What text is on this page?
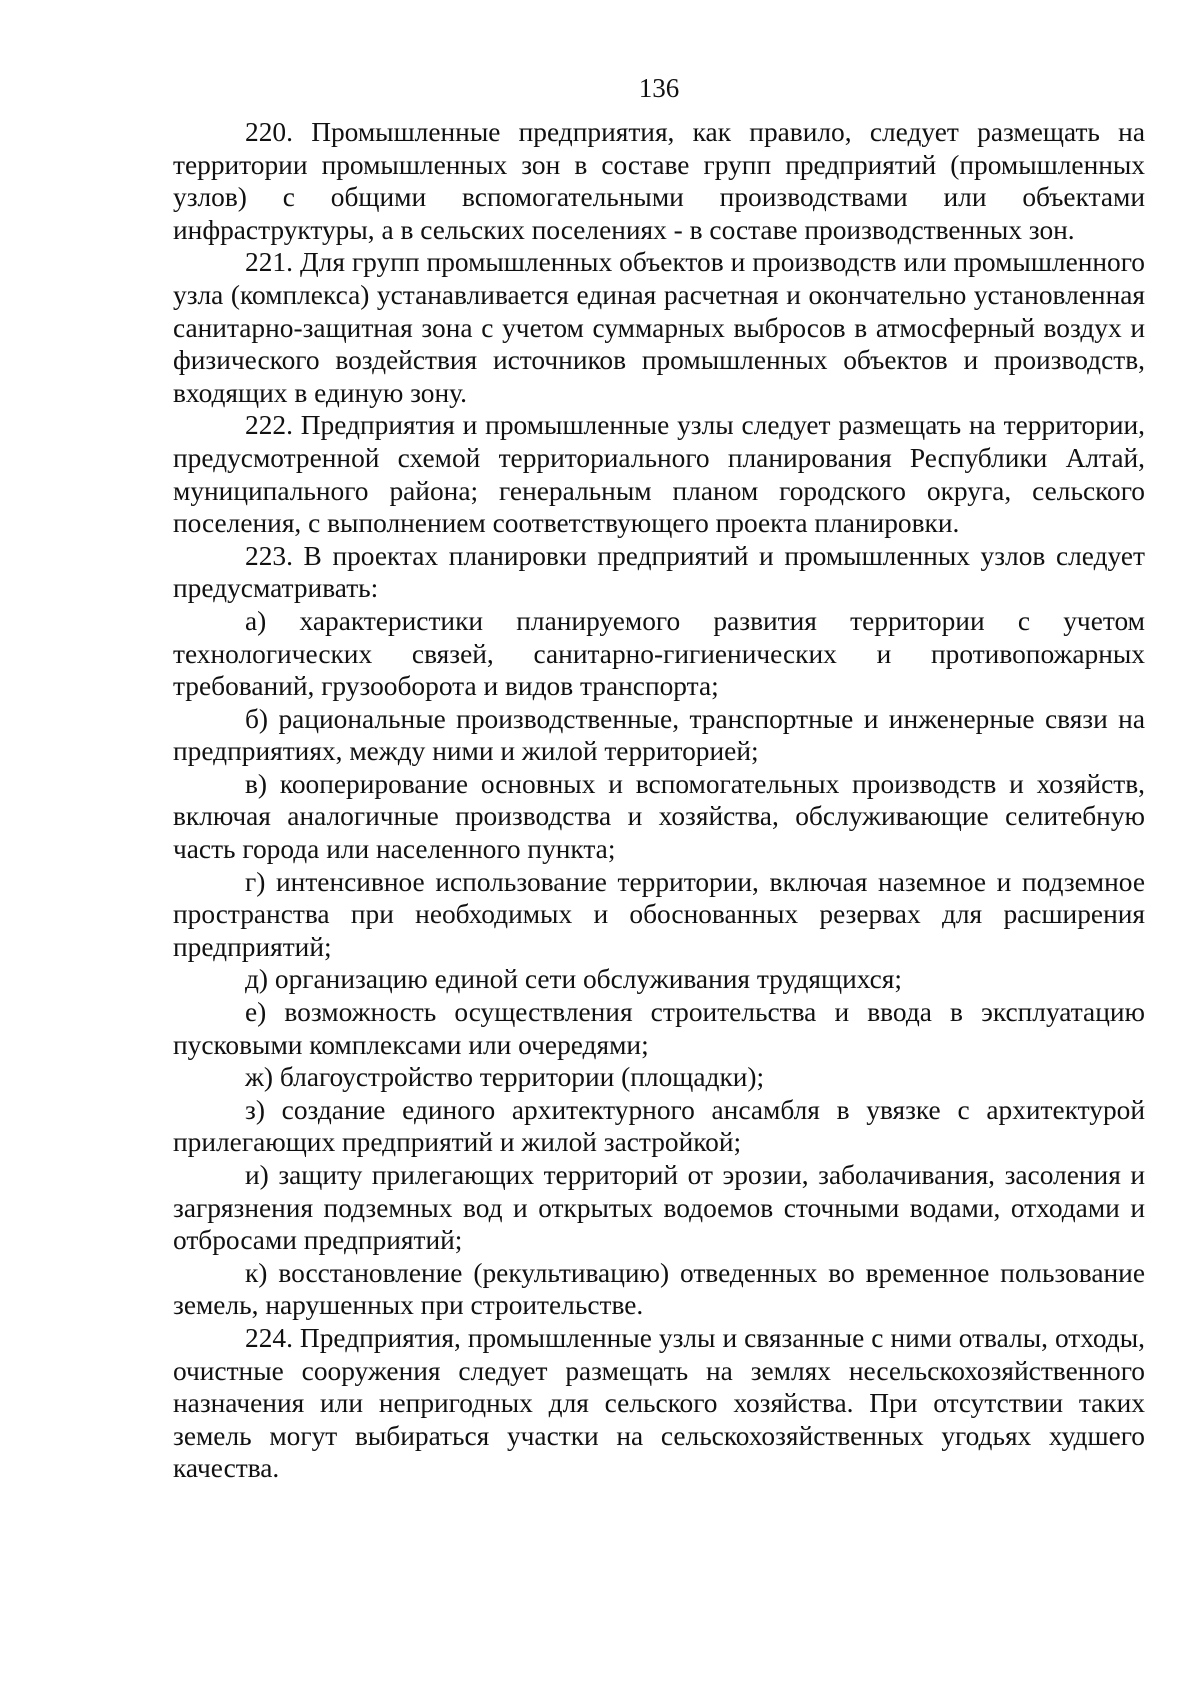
136

220. Промышленные предприятия, как правило, следует размещать на территории промышленных зон в составе групп предприятий (промышленных узлов) с общими вспомогательными производствами или объектами инфраструктуры, а в сельских поселениях - в составе производственных зон.

221. Для групп промышленных объектов и производств или промышленного узла (комплекса) устанавливается единая расчетная и окончательно установленная санитарно-защитная зона с учетом суммарных выбросов в атмосферный воздух и физического воздействия источников промышленных объектов и производств, входящих в единую зону.

222. Предприятия и промышленные узлы следует размещать на территории, предусмотренной схемой территориального планирования Республики Алтай, муниципального района; генеральным планом городского округа, сельского поселения, с выполнением соответствующего проекта планировки.

223. В проектах планировки предприятий и промышленных узлов следует предусматривать:

а) характеристики планируемого развития территории с учетом технологических связей, санитарно-гигиенических и противопожарных требований, грузооборота и видов транспорта;

б) рациональные производственные, транспортные и инженерные связи на предприятиях, между ними и жилой территорией;

в) кооперирование основных и вспомогательных производств и хозяйств, включая аналогичные производства и хозяйства, обслуживающие селитебную часть города или населенного пункта;

г) интенсивное использование территории, включая наземное и подземное пространства при необходимых и обоснованных резервах для расширения предприятий;

д) организацию единой сети обслуживания трудящихся;

е) возможность осуществления строительства и ввода в эксплуатацию пусковыми комплексами или очередями;

ж) благоустройство территории (площадки);

з) создание единого архитектурного ансамбля в увязке с архитектурой прилегающих предприятий и жилой застройкой;

и) защиту прилегающих территорий от эрозии, заболачивания, засоления и загрязнения подземных вод и открытых водоемов сточными водами, отходами и отбросами предприятий;

к) восстановление (рекультивацию) отведенных во временное пользование земель, нарушенных при строительстве.

224. Предприятия, промышленные узлы и связанные с ними отвалы, отходы, очистные сооружения следует размещать на землях несельскохозяйственного назначения или непригодных для сельского хозяйства. При отсутствии таких земель могут выбираться участки на сельскохозяйственных угодьях худшего качества.
